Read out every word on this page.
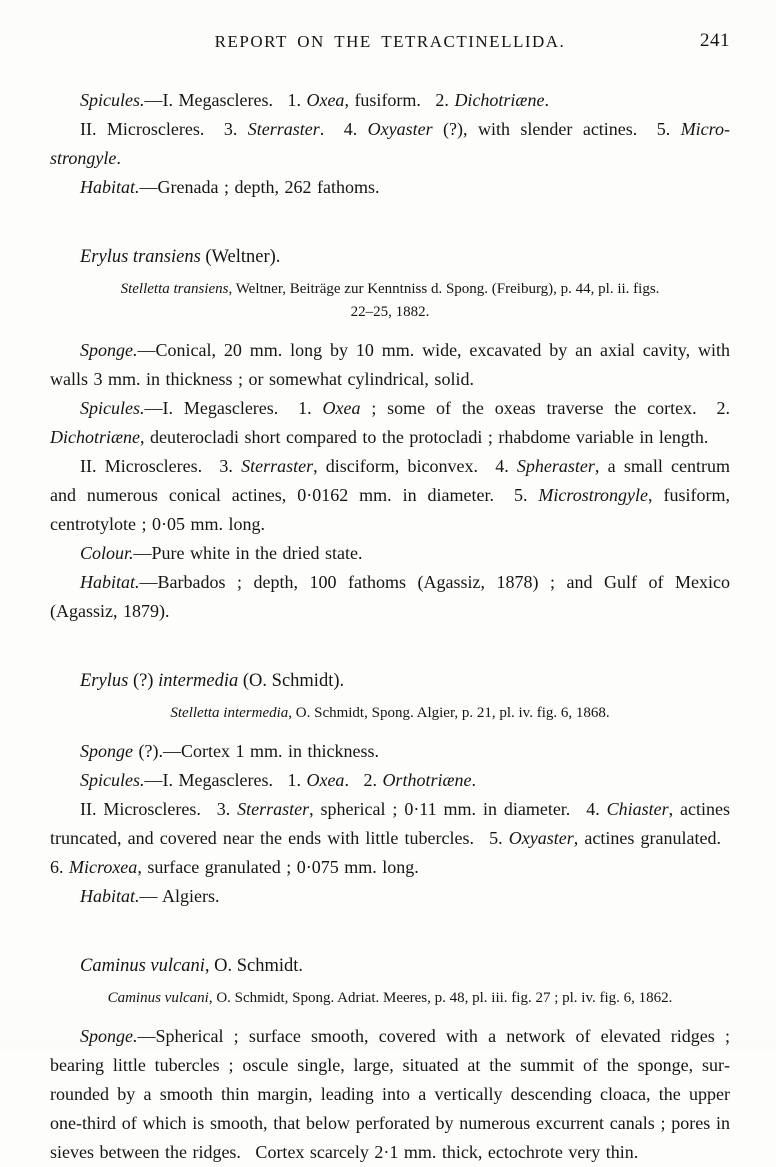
REPORT ON THE TETRACTINELLIDA.	241

Spicules.—I. Megascleres.  1. Oxea, fusiform.  2. Dichotriæne.

II. Microscleres.  3. Sterraster.  4. Oxyaster (?), with slender actines.  5. Microstrongyle.

Habitat.—Grenada ; depth, 262 fathoms.

Erylus transiens (Weltner).

Stelletta transiens, Weltner, Beiträge zur Kenntniss d. Spong. (Freiburg), p. 44, pl. ii. figs.
22–25, 1882.

Sponge.—Conical, 20 mm. long by 10 mm. wide, excavated by an axial cavity, with walls 3 mm. in thickness ; or somewhat cylindrical, solid.

Spicules.—I. Megascleres.  1. Oxea ; some of the oxeas traverse the cortex.  2. Dichotriæne, deuterocladi short compared to the protocladi ; rhabdome variable in length.

II. Microscleres.  3. Sterraster, disciform, biconvex.  4. Spheraster, a small centrum and numerous conical actines, 0·0162 mm. in diameter.  5. Microstrongyle, fusiform, centrotylote ; 0·05 mm. long.

Colour.—Pure white in the dried state.

Habitat.—Barbados ; depth, 100 fathoms (Agassiz, 1878) ; and Gulf of Mexico (Agassiz, 1879).

Erylus (?) intermedia (O. Schmidt).

Stelletta intermedia, O. Schmidt, Spong. Algier, p. 21, pl. iv. fig. 6, 1868.

Sponge (?).—Cortex 1 mm. in thickness.

Spicules.—I. Megascleres.  1. Oxea.  2. Orthotriæne.

II. Microscleres.  3. Sterraster, spherical ; 0·11 mm. in diameter.  4. Chiaster, actines truncated, and covered near the ends with little tubercles.  5. Oxyaster, actines granulated.  6. Microxea, surface granulated ; 0·075 mm. long.

Habitat.— Algiers.

Caminus vulcani, O. Schmidt.

Caminus vulcani, O. Schmidt, Spong. Adriat. Meeres, p. 48, pl. iii. fig. 27 ; pl. iv. fig. 6, 1862.

Sponge.—Spherical ; surface smooth, covered with a network of elevated ridges ; bearing little tubercles ; oscule single, large, situated at the summit of the sponge, surrounded by a smooth thin margin, leading into a vertically descending cloaca, the upper one-third of which is smooth, that below perforated by numerous excurrent canals ; pores in sieves between the ridges.  Cortex scarcely 2·1 mm. thick, ectochrote very thin.
